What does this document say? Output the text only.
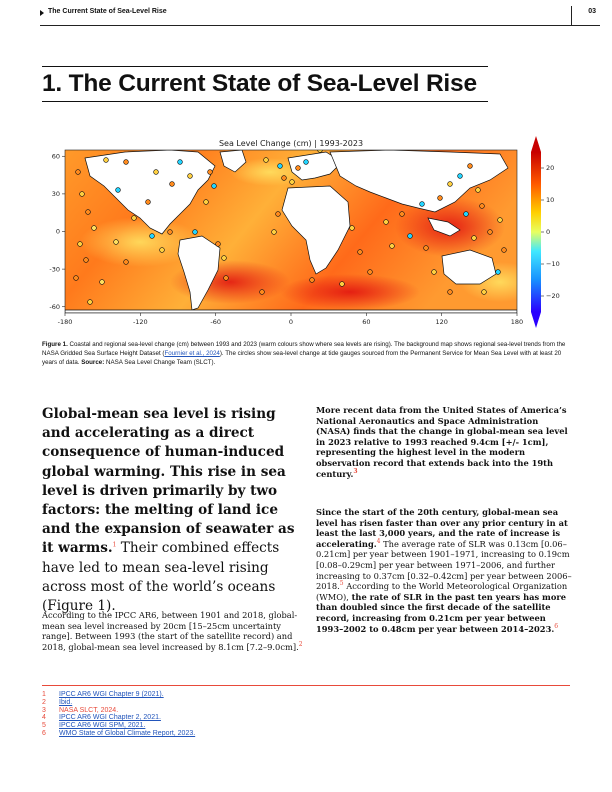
The Current State of Sea-Level Rise	03
1. The Current State of Sea-Level Rise
Sea Level Change (cm) | 1993-2023
-180	-120	-60	0	60	120	180
60
30
0
-30
-60
20
10
0
−10
−20

Figure 1. Coastal and regional sea-level change (cm) between 1993 and 2023 (warm colours show where sea levels are rising). The background map shows regional sea-level trends from the NASA Gridded Sea Surface Height Dataset (Fournier et al., 2024). The circles show sea-level change at tide gauges sourced from the Permanent Service for Mean Sea Level with at least 20 years of data. Source: NASA Sea Level Change Team (SLCT).

Global-mean sea level is rising and accelerating as a direct consequence of human-induced global warming. This rise in sea level is driven primarily by two factors: the melting of land ice and the expansion of seawater as it warms.$^1$ Their combined effects have led to mean sea-level rising across most of the world’s oceans (Figure 1).

According to the IPCC AR6, between 1901 and 2018, global-mean sea level increased by 20cm [15–25cm uncertainty range]. Between 1993 (the start of the satellite record) and 2018, global-mean sea level increased by 8.1cm [7.2–9.0cm].$^2$

More recent data from the United States of America’s National Aeronautics and Space Administration (NASA) finds that the change in global-mean sea level in 2023 relative to 1993 reached 9.4cm [+/- 1cm], representing the highest level in the modern observation record that extends back into the 19th century.$^3$

Since the start of the 20th century, global-mean sea level has risen faster than over any prior century in at least the last 3,000 years, and the rate of increase is accelerating.$^4$ The average rate of SLR was 0.13cm [0.06–0.21cm] per year between 1901–1971, increasing to 0.19cm [0.08–0.29cm] per year between 1971–2006, and further increasing to 0.37cm [0.32–0.42cm] per year between 2006–2018.$^5$ According to the World Meteorological Organization (WMO), the rate of SLR in the past ten years has more than doubled since the first decade of the satellite record, increasing from 0.21cm per year between 1993–2002 to 0.48cm per year between 2014–2023.$^6$

1	IPCC AR6 WGI Chapter 9 (2021).
2	Ibid.
3	NASA SLCT, 2024.
4	IPCC AR6 WGI Chapter 2, 2021.
5	IPCC AR6 WGI SPM, 2021.
6	WMO State of Global Climate Report, 2023.
